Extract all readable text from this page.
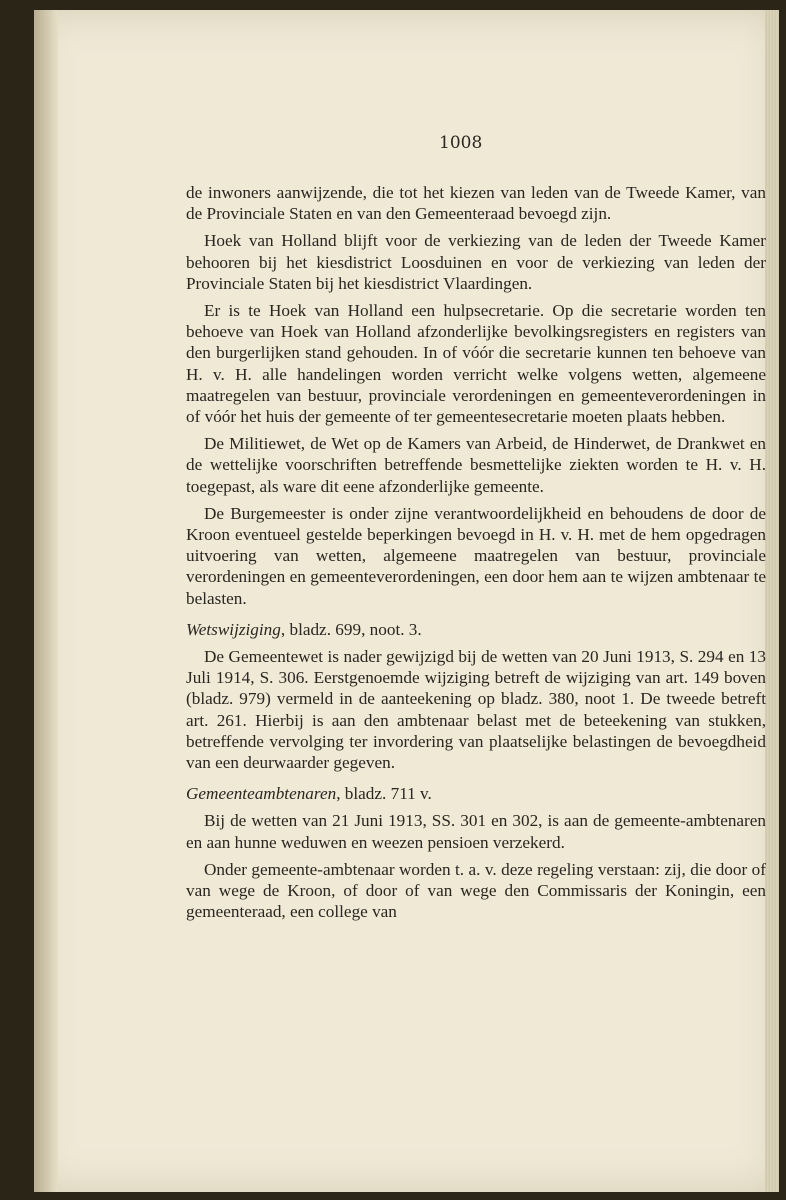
1008

de inwoners aanwijzende, die tot het kiezen van leden van de Tweede Kamer, van de Provinciale Staten en van den Gemeenteraad bevoegd zijn.

Hoek van Holland blijft voor de verkiezing van de leden der Tweede Kamer behooren bij het kiesdistrict Loosduinen en voor de verkiezing van leden der Provinciale Staten bij het kiesdistrict Vlaardingen.

Er is te Hoek van Holland een hulpsecretarie. Op die secretarie worden ten behoeve van Hoek van Holland afzonderlijke bevolkingsregisters en registers van den burgerlijken stand gehouden. In of vóór die secretarie kunnen ten behoeve van H. v. H. alle handelingen worden verricht welke volgens wetten, algemeene maatregelen van bestuur, provinciale verordeningen en gemeenteverordeningen in of vóór het huis der gemeente of ter gemeentesecretarie moeten plaats hebben.

De Militiewet, de Wet op de Kamers van Arbeid, de Hinderwet, de Drankwet en de wettelijke voorschriften betreffende besmettelijke ziekten worden te H. v. H. toegepast, als ware dit eene afzonderlijke gemeente.

De Burgemeester is onder zijne verantwoordelijkheid en behoudens de door de Kroon eventueel gestelde beperkingen bevoegd in H. v. H. met de hem opgedragen uitvoering van wetten, algemeene maatregelen van bestuur, provinciale verordeningen en gemeenteverordeningen, een door hem aan te wijzen ambtenaar te belasten.

Wetswijziging, bladz. 699, noot. 3.

De Gemeentewet is nader gewijzigd bij de wetten van 20 Juni 1913, S. 294 en 13 Juli 1914, S. 306. Eerstgenoemde wijziging betreft de wijziging van art. 149 boven (bladz. 979) vermeld in de aanteekening op bladz. 380, noot 1. De tweede betreft art. 261. Hierbij is aan den ambtenaar belast met de beteekening van stukken, betreffende vervolging ter invordering van plaatselijke belastingen de bevoegdheid van een deurwaarder gegeven.

Gemeenteambtenaren, bladz. 711 v.

Bij de wetten van 21 Juni 1913, SS. 301 en 302, is aan de gemeente-ambtenaren en aan hunne weduwen en weezen pensioen verzekerd.

Onder gemeente-ambtenaar worden t. a. v. deze regeling verstaan: zij, die door of van wege de Kroon, of door of van wege den Commissaris der Koningin, een gemeenteraad, een college van
